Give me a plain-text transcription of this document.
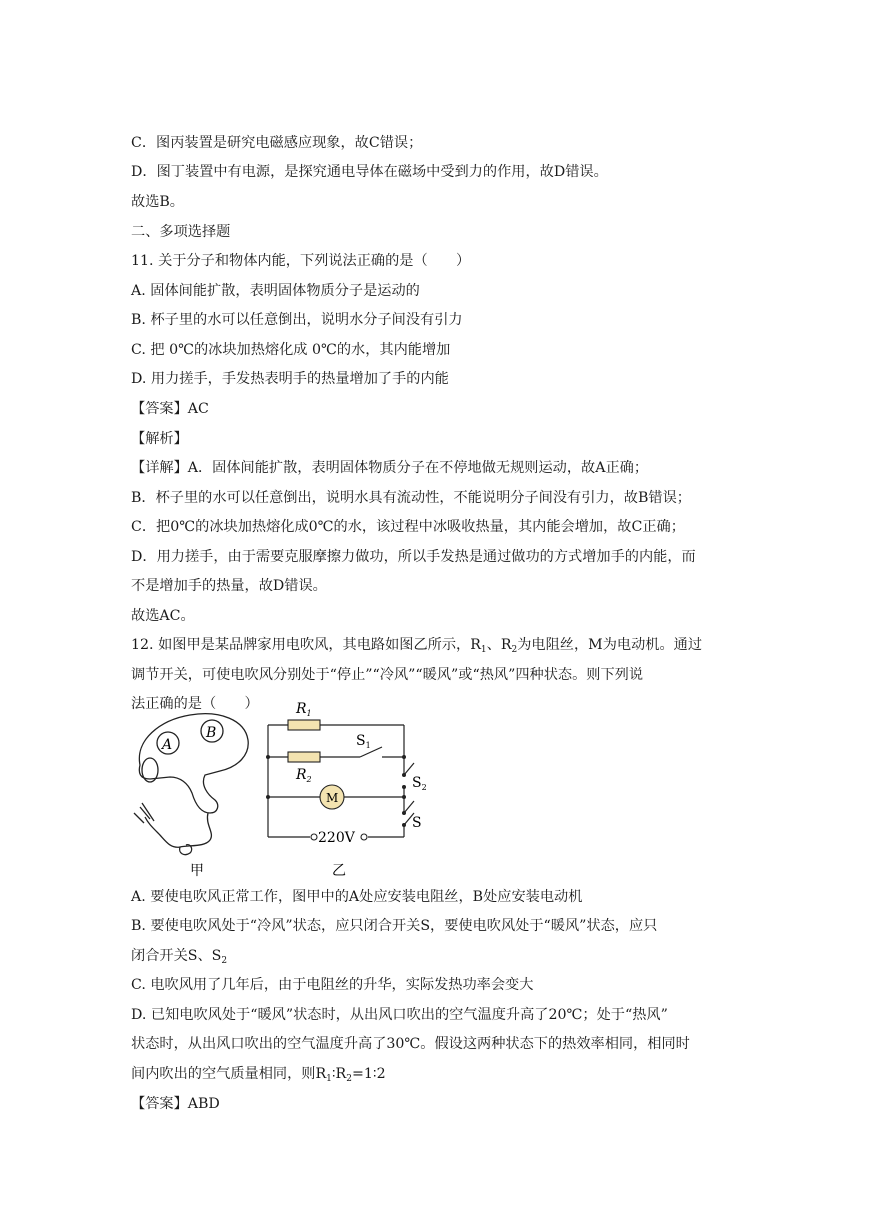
C．图丙装置是研究电磁感应现象，故C错误；
D．图丁装置中有电源，是探究通电导体在磁场中受到力的作用，故D错误。
故选B。
二、多项选择题
11. 关于分子和物体内能，下列说法正确的是（　　）
A. 固体间能扩散，表明固体物质分子是运动的
B. 杯子里的水可以任意倒出，说明水分子间没有引力
C. 把 0℃的冰块加热熔化成 0℃的水，其内能增加
D. 用力搓手，手发热表明手的热量增加了手的内能
【答案】AC
【解析】
【详解】A．固体间能扩散，表明固体物质分子在不停地做无规则运动，故A正确；
B．杯子里的水可以任意倒出，说明水具有流动性，不能说明分子间没有引力，故B错误；
C．把0℃的冰块加热熔化成0℃的水，该过程中冰吸收热量，其内能会增加，故C正确；
D．用力搓手，由于需要克服摩擦力做功，所以手发热是通过做功的方式增加手的内能，而
不是增加手的热量，故D错误。
故选AC。
12. 如图甲是某品牌家用电吹风，其电路如图乙所示，$R_1$、$R_2$为电阻丝，M为电动机。通过
调节开关，可使电吹风分别处于“停止”“冷风”“暖风”或“热风”四种状态。则下列说
法正确的是（　　）
A
B
甲
$R_1$
$R_2$
$S_1$
$S_2$
S
M
220V
乙
A. 要使电吹风正常工作，图甲中的A处应安装电阻丝，B处应安装电动机
B. 要使电吹风处于“冷风”状态，应只闭合开关S，要使电吹风处于“暖风”状态，应只
闭合开关S、$S_2$
C. 电吹风用了几年后，由于电阻丝的升华，实际发热功率会变大
D. 已知电吹风处于“暖风”状态时，从出风口吹出的空气温度升高了20℃；处于“热风”
状态时，从出风口吹出的空气温度升高了30℃。假设这两种状态下的热效率相同，相同时
间内吹出的空气质量相同，则$R_1∶R_2=1∶2$
【答案】ABD
